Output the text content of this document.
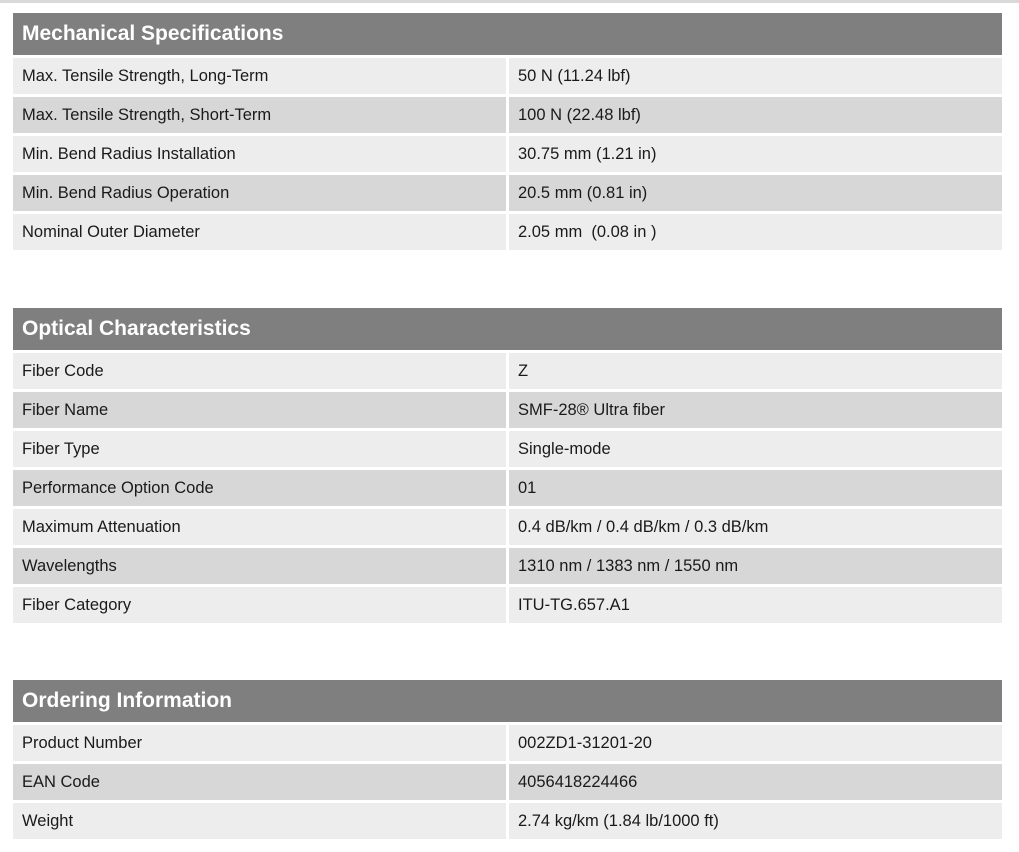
Mechanical Specifications
Max. Tensile Strength, Long-Term	50 N (11.24 lbf)
Max. Tensile Strength, Short-Term	100 N (22.48 lbf)
Min. Bend Radius Installation	30.75 mm (1.21 in)
Min. Bend Radius Operation	20.5 mm (0.81 in)
Nominal Outer Diameter	2.05 mm  (0.08 in )
Optical Characteristics
Fiber Code	Z
Fiber Name	SMF-28® Ultra fiber
Fiber Type	Single-mode
Performance Option Code	01
Maximum Attenuation	0.4 dB/km / 0.4 dB/km / 0.3 dB/km
Wavelengths	1310 nm / 1383 nm / 1550 nm
Fiber Category	ITU-TG.657.A1
Ordering Information
Product Number	002ZD1-31201-20
EAN Code	4056418224466
Weight	2.74 kg/km (1.84 lb/1000 ft)
